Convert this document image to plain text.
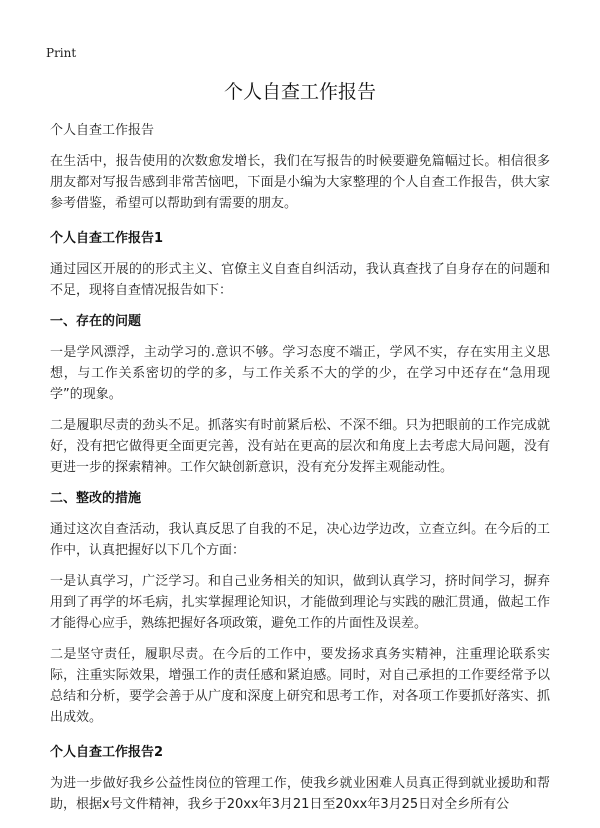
Print
个人自查工作报告

个人自查工作报告

在生活中，报告使用的次数愈发增长，我们在写报告的时候要避免篇幅过长。相信很多朋友都对写报告感到非常苦恼吧，下面是小编为大家整理的个人自查工作报告，供大家参考借鉴，希望可以帮助到有需要的朋友。

个人自查工作报告1

通过园区开展的的形式主义、官僚主义自查自纠活动，我认真查找了自身存在的问题和不足，现将自查情况报告如下：

一、存在的问题

一是学风漂浮，主动学习的.意识不够。学习态度不端正，学风不实，存在实用主义思想，与工作关系密切的学的多，与工作关系不大的学的少，在学习中还存在“急用现学”的现象。

二是履职尽责的劲头不足。抓落实有时前紧后松、不深不细。只为把眼前的工作完成就好，没有把它做得更全面更完善，没有站在更高的层次和角度上去考虑大局问题，没有更进一步的探索精神。工作欠缺创新意识，没有充分发挥主观能动性。

二、整改的措施

通过这次自查活动，我认真反思了自我的不足，决心边学边改，立查立纠。在今后的工作中，认真把握好以下几个方面：

一是认真学习，广泛学习。和自己业务相关的知识，做到认真学习，挤时间学习，摒弃用到了再学的坏毛病，扎实掌握理论知识，才能做到理论与实践的融汇贯通，做起工作才能得心应手，熟练把握好各项政策，避免工作的片面性及误差。

二是坚守责任，履职尽责。在今后的工作中，要发扬求真务实精神，注重理论联系实际，注重实际效果，增强工作的责任感和紧迫感。同时，对自己承担的工作要经常予以总结和分析，要学会善于从广度和深度上研究和思考工作，对各项工作要抓好落实、抓出成效。

个人自查工作报告2

为进一步做好我乡公益性岗位的管理工作，使我乡就业困难人员真正得到就业援助和帮助，根据x号文件精神，我乡于20xx年3月21日至20xx年3月25日对全乡所有公
